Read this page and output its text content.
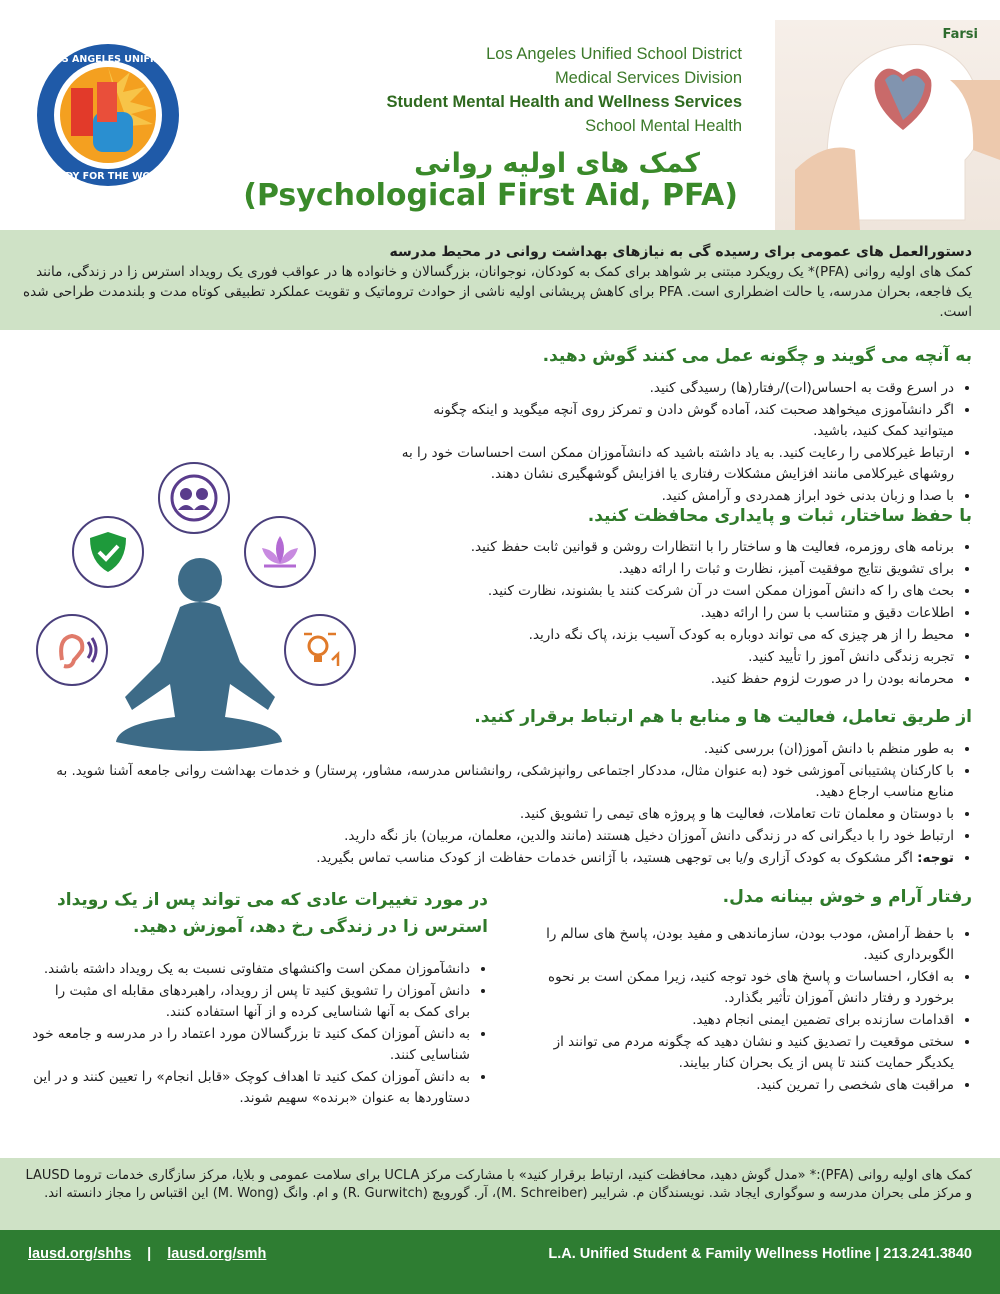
LOS ANGELES UNIFIED
READY FOR THE WORLD
Los Angeles Unified School District
Medical Services Division
Student Mental Health and Wellness Services
School Mental Health
کمک های اولیه روانی
(Psychological First Aid, PFA)
Farsi
دستورالعمل های عمومی برای رسیده گی به نیازهای بهداشت روانی در محیط مدرسه
کمک های اولیه روانی (PFA)* یک رویکرد مبتنی بر شواهد برای کمک به کودکان، نوجوانان، بزرگسالان و خانواده ها در عواقب فوری یک رویداد استرس زا در زندگی، مانند یک فاجعه، بحران مدرسه، یا حالت اضطراری است. PFA برای کاهش پریشانی اولیه ناشی از حوادث تروماتیک و تقویت عملکرد تطبیقی کوتاه مدت و بلندمدت طراحی شده است.
به آنچه می گویند و چگونه عمل می کنند گوش دهید.
• در اسرع وقت به احساس(ات)/رفتار(ها) رسیدگی کنید.
• اگر دانشآموزی میخواهد صحبت کند، آماده گوش دادن و تمرکز روی آنچه میگوید و اینکه چگونه میتوانید کمک کنید، باشید.
• ارتباط غیرکلامی را رعایت کنید. به یاد داشته باشید که دانشآموزان ممکن است احساسات خود را به روشهای غیرکلامی مانند افزایش مشکلات رفتاری یا افزایش گوشهگیری نشان دهند.
• با صدا و زبان بدنی خود ابراز همدردی و آرامش کنید.
با حفظ ساختار، ثبات و پایداری محافظت کنید.
• برنامه های روزمره، فعالیت ها و ساختار را با انتظارات روشن و قوانین ثابت حفظ کنید.
• برای تشویق نتایج موفقیت آمیز، نظارت و ثبات را ارائه دهید.
• بحث های را که دانش آموزان ممکن است در آن شرکت کنند یا بشنوند، نظارت کنید.
• اطلاعات دقیق و متناسب با سن را ارائه دهید.
• محیط را از هر چیزی که می تواند دوباره به کودک آسیب بزند، پاک نگه دارید.
• تجربه زندگی دانش آموز را تأیید کنید.
• محرمانه بودن را در صورت لزوم حفظ کنید.
از طریق تعامل، فعالیت ها و منابع با هم ارتباط برقرار کنید.
• به طور منظم با دانش آموز(ان) بررسی کنید.
• با کارکنان پشتیبانی آموزشی خود (به عنوان مثال، مددکار اجتماعی روانپزشکی، روانشناس مدرسه، مشاور، پرستار) و خدمات بهداشت روانی جامعه آشنا شوید. به منابع مناسب ارجاع دهید.
• با دوستان و معلمان تات تعاملات، فعالیت ها و پروژه های تیمی را تشویق کنید.
• ارتباط خود را با دیگرانی که در زندگی دانش آموزان دخیل هستند (مانند والدین، معلمان، مربیان) باز نگه دارید.
• توجه: اگر مشکوک به کودک آزاری و/یا بی توجهی هستید، با آژانس خدمات حفاظت از کودک مناسب تماس بگیرید.
رفتار آرام و خوش بینانه مدل.
• با حفظ آرامش، مودب بودن، سازماندهی و مفید بودن، پاسخ های سالم را الگوبرداری کنید.
• به افکار، احساسات و پاسخ های خود توجه کنید، زیرا ممکن است بر نحوه برخورد و رفتار دانش آموزان تأثیر بگذارد.
• اقدامات سازنده برای تضمین ایمنی انجام دهید.
• سختی موقعیت را تصدیق کنید و نشان دهید که چگونه مردم می توانند از یکدیگر حمایت کنند تا پس از یک بحران کنار بیایند.
• مراقبت های شخصی را تمرین کنید.
در مورد تغییرات عادی که می تواند پس از یک رویداد استرس زا در زندگی رخ دهد، آموزش دهید.
• دانشآموزان ممکن است واکنشهای متفاوتی نسبت به یک رویداد داشته باشند.
• دانش آموزان را تشویق کنید تا پس از رویداد، راهبردهای مقابله ای مثبت را برای کمک به آنها شناسایی کرده و از آنها استفاده کنند.
• به دانش آموزان کمک کنید تا بزرگسالان مورد اعتماد را در مدرسه و جامعه خود شناسایی کنند.
• به دانش آموزان کمک کنید تا اهداف کوچک «قابل انجام» را تعیین کنند و در این دستاوردها به عنوان «برنده» سهیم شوند.
کمک های اولیه روانی (PFA):* «مدل گوش دهید، محافظت کنید، ارتباط برقرار کنید» با مشارکت مرکز UCLA برای سلامت عمومی و بلایا، مرکز سازگاری خدمات تروما LAUSD و مرکز ملی بحران مدرسه و سوگواری ایجاد شد. نویسندگان م. شرایبر (M. Schreiber)، آر. گورویچ (R. Gurwitch) و ام. وانگ (M. Wong) این اقتباس را مجاز دانسته اند.
lausd.org/shhs | lausd.org/smh	L.A. Unified Student & Family Wellness Hotline | 213.241.3840
